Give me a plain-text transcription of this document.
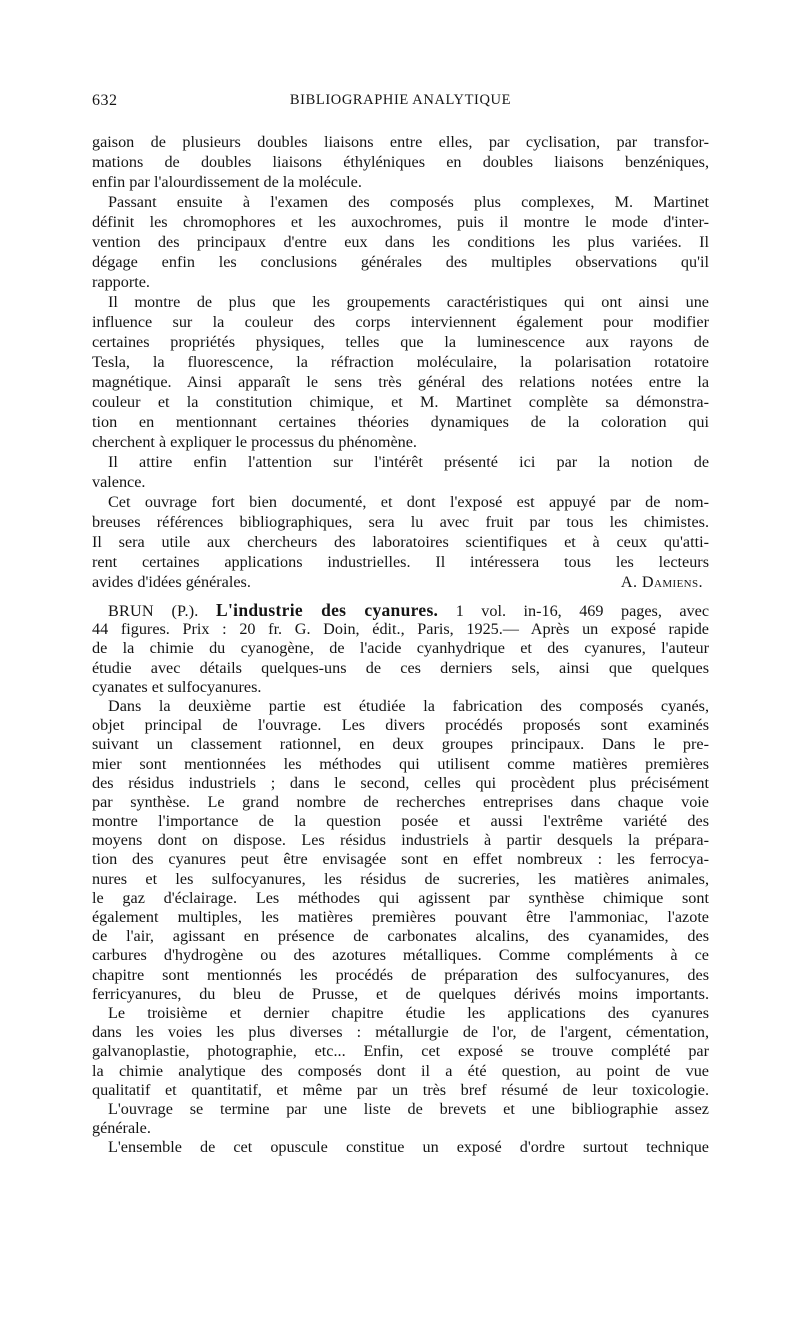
632	BIBLIOGRAPHIE ANALYTIQUE
gaison de plusieurs doubles liaisons entre elles, par cyclisation, par transfor-
mations de doubles liaisons éthyléniques en doubles liaisons benzéniques,
enfin par l'alourdissement de la molécule.
Passant ensuite à l'examen des composés plus complexes, M. Martinet
définit les chromophores et les auxochromes, puis il montre le mode d'inter-
vention des principaux d'entre eux dans les conditions les plus variées. Il
dégage enfin les conclusions générales des multiples observations qu'il
rapporte.
Il montre de plus que les groupements caractéristiques qui ont ainsi une
influence sur la couleur des corps interviennent également pour modifier
certaines propriétés physiques, telles que la luminescence aux rayons de
Tesla, la fluorescence, la réfraction moléculaire, la polarisation rotatoire
magnétique. Ainsi apparaît le sens très général des relations notées entre la
couleur et la constitution chimique, et M. Martinet complète sa démonstra-
tion en mentionnant certaines théories dynamiques de la coloration qui
cherchent à expliquer le processus du phénomène.
Il attire enfin l'attention sur l'intérêt présenté ici par la notion de
valence.
Cet ouvrage fort bien documenté, et dont l'exposé est appuyé par de nom-
breuses références bibliographiques, sera lu avec fruit par tous les chimistes.
Il sera utile aux chercheurs des laboratoires scientifiques et à ceux qu'atti-
rent certaines applications industrielles. Il intéressera tous les lecteurs
avides d'idées générales.	A. Damiens.
BRUN (P.). L'industrie des cyanures. 1 vol. in-16, 469 pages, avec
44 figures. Prix : 20 fr. G. Doin, édit., Paris, 1925.— Après un exposé rapide
de la chimie du cyanogène, de l'acide cyanhydrique et des cyanures, l'auteur
étudie avec détails quelques-uns de ces derniers sels, ainsi que quelques
cyanates et sulfocyanures.
Dans la deuxième partie est étudiée la fabrication des composés cyanés,
objet principal de l'ouvrage. Les divers procédés proposés sont examinés
suivant un classement rationnel, en deux groupes principaux. Dans le pre-
mier sont mentionnées les méthodes qui utilisent comme matières premières
des résidus industriels ; dans le second, celles qui procèdent plus précisément
par synthèse. Le grand nombre de recherches entreprises dans chaque voie
montre l'importance de la question posée et aussi l'extrême variété des
moyens dont on dispose. Les résidus industriels à partir desquels la prépara-
tion des cyanures peut être envisagée sont en effet nombreux : les ferrocya-
nures et les sulfocyanures, les résidus de sucreries, les matières animales,
le gaz d'éclairage. Les méthodes qui agissent par synthèse chimique sont
également multiples, les matières premières pouvant être l'ammoniac, l'azote
de l'air, agissant en présence de carbonates alcalins, des cyanamides, des
carbures d'hydrogène ou des azotures métalliques. Comme compléments à ce
chapitre sont mentionnés les procédés de préparation des sulfocyanures, des
ferricyanures, du bleu de Prusse, et de quelques dérivés moins importants.
Le troisième et dernier chapitre étudie les applications des cyanures
dans les voies les plus diverses : métallurgie de l'or, de l'argent, cémentation,
galvanoplastie, photographie, etc... Enfin, cet exposé se trouve complété par
la chimie analytique des composés dont il a été question, au point de vue
qualitatif et quantitatif, et même par un très bref résumé de leur toxicologie.
L'ouvrage se termine par une liste de brevets et une bibliographie assez
générale.
L'ensemble de cet opuscule constitue un exposé d'ordre surtout technique
